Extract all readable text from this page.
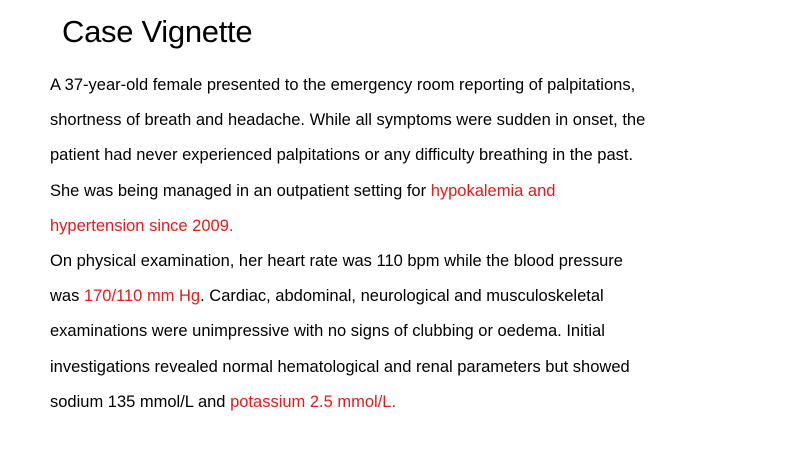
Case Vignette
A 37-year-old female presented to the emergency room reporting of palpitations,
shortness of breath and headache. While all symptoms were sudden in onset, the
patient had never experienced palpitations or any difficulty breathing in the past.
She was being managed in an outpatient setting for hypokalemia and
hypertension since 2009.
On physical examination, her heart rate was 110 bpm while the blood pressure
was 170/110 mm Hg. Cardiac, abdominal, neurological and musculoskeletal
examinations were unimpressive with no signs of clubbing or oedema. Initial
investigations revealed normal hematological and renal parameters but showed
sodium 135 mmol/L and potassium 2.5 mmol/L.
